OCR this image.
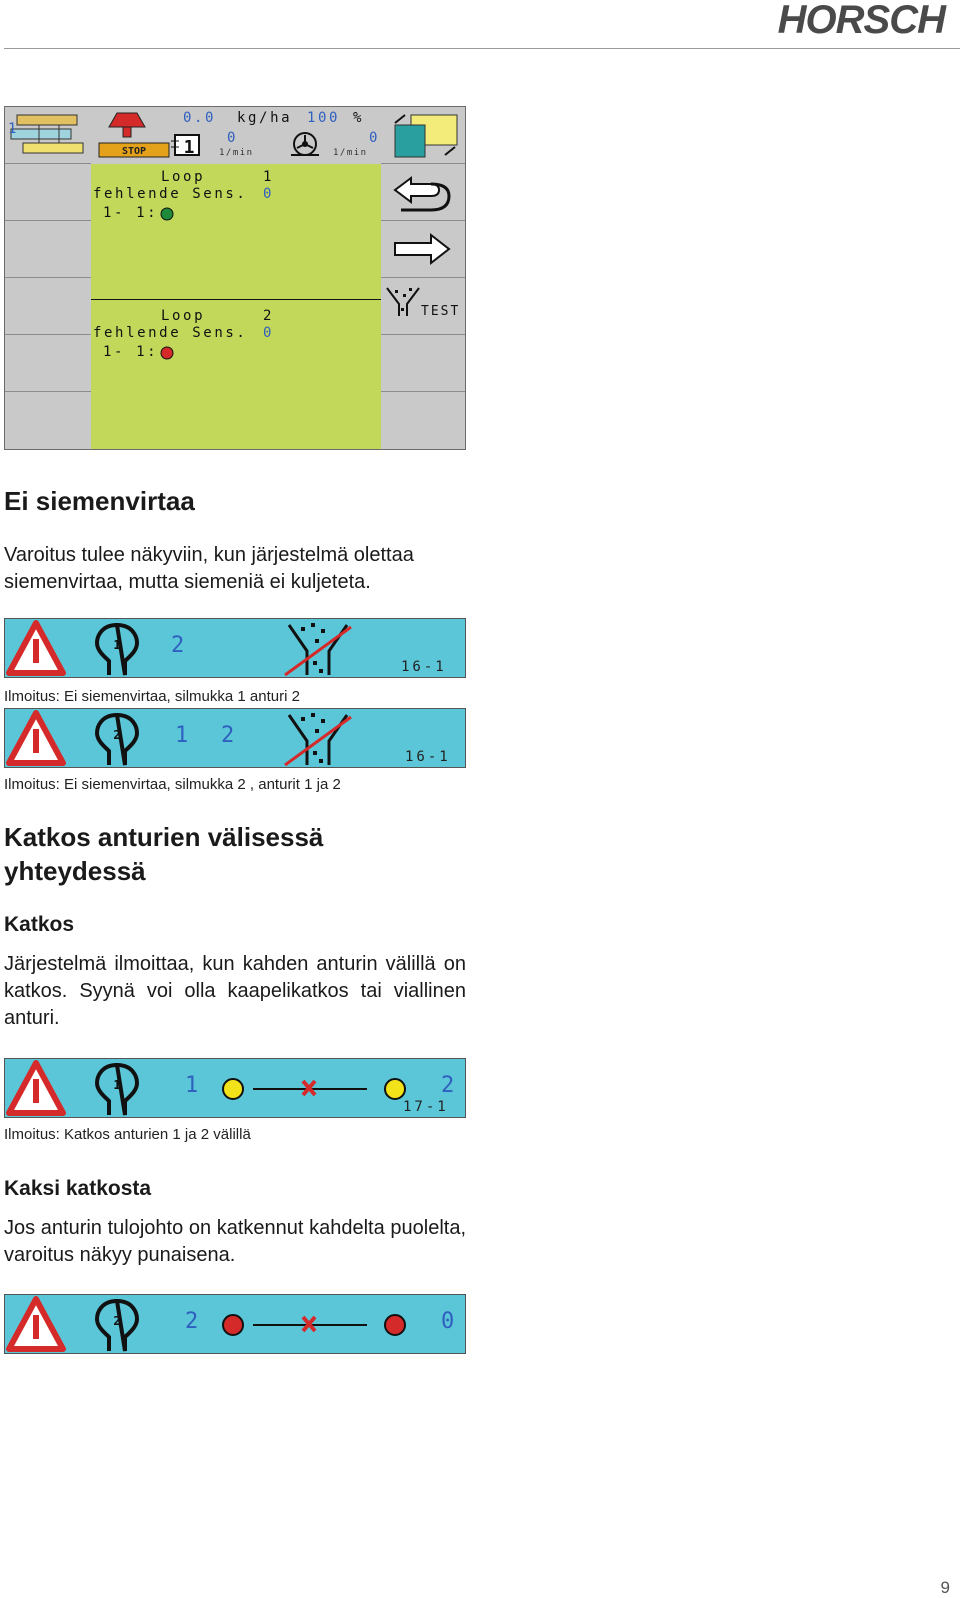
HORSCH
1
STOP 1
0.0 kg/ha 100 %
0
1/min
0
1/min
Loop	1
fehlende Sens. 0
1- 1:
Loop	2
fehlende Sens. 0
1- 1:
TEST
Ei siemenvirtaa

Varoitus tulee näkyviin, kun järjestelmä olettaa siemenvirtaa, mutta siemeniä ei kuljeteta.

1 2
16-1
Ilmoitus: Ei siemenvirtaa, silmukka 1 anturi 2
2 1 2
16-1
Ilmoitus: Ei siemenvirtaa, silmukka 2 , anturit 1 ja 2
Katkos anturien välisessä
yhteydessä
Katkos

Järjestelmä ilmoittaa, kun kahden anturin välillä on katkos. Syynä voi olla kaapelikatkos tai viallinen anturi.

1	1	2
17-1
Ilmoitus: Katkos anturien 1 ja 2 välillä
Kaksi katkosta

Jos anturin tulojohto on katkennut kahdelta puolelta, varoitus näkyy punaisena.

2	2	0
9
